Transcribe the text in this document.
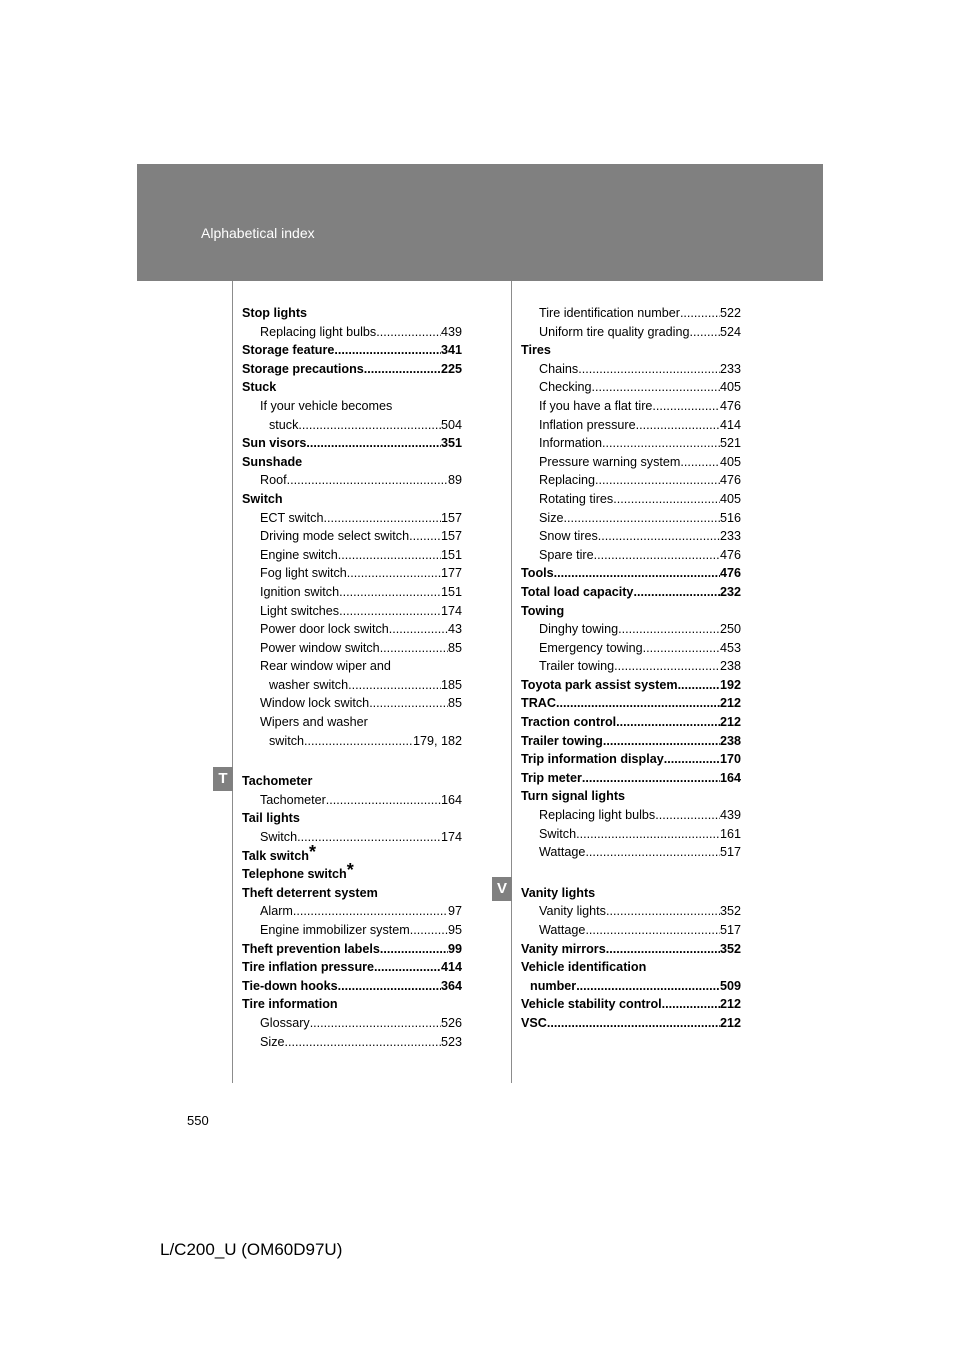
Alphabetical index
T
V
Stop lights
Replacing light bulbs .....	439
Storage feature .....	341
Storage precautions .....	225
Stuck
If your vehicle becomes
stuck .....	504
Sun visors .....	351
Sunshade
Roof .....	89
Switch
ECT switch .....	157
Driving mode select switch .....	157
Engine switch .....	151
Fog light switch .....	177
Ignition switch .....	151
Light switches .....	174
Power door lock switch .....	43
Power window switch .....	85
Rear window wiper and
washer switch .....	185
Window lock switch .....	85
Wipers and washer
switch .....	179, 182
Tachometer
Tachometer .....	164
Tail lights
Switch .....	174
Talk switch*
Telephone switch*
Theft deterrent system
Alarm .....	97
Engine immobilizer system .....	95
Theft prevention labels .....	99
Tire inflation pressure .....	414
Tie-down hooks .....	364
Tire information
Glossary .....	526
Size .....	523
Tire identification number .....	522
Uniform tire quality grading ..... 524
Tires
Chains .....	233
Checking .....	405
If you have a flat tire .....	476
Inflation pressure .....	414
Information .....	521
Pressure warning system .....	405
Replacing .....	476
Rotating tires .....	405
Size .....	516
Snow tires .....	233
Spare tire .....	476
Tools .....	476
Total load capacity .....	232
Towing
Dinghy towing .....	250
Emergency towing .....	453
Trailer towing .....	238
Toyota park assist system .....	192
TRAC .....	212
Traction control .....	212
Trailer towing .....	238
Trip information display .....	170
Trip meter .....	164
Turn signal lights
Replacing light bulbs .....	439
Switch .....	161
Wattage .....	517
Vanity lights
Vanity lights .....	352
Wattage .....	517
Vanity mirrors .....	352
Vehicle identification
number .....	509
Vehicle stability control .....	212
VSC .....	212
550
L/C200_U (OM60D97U)
